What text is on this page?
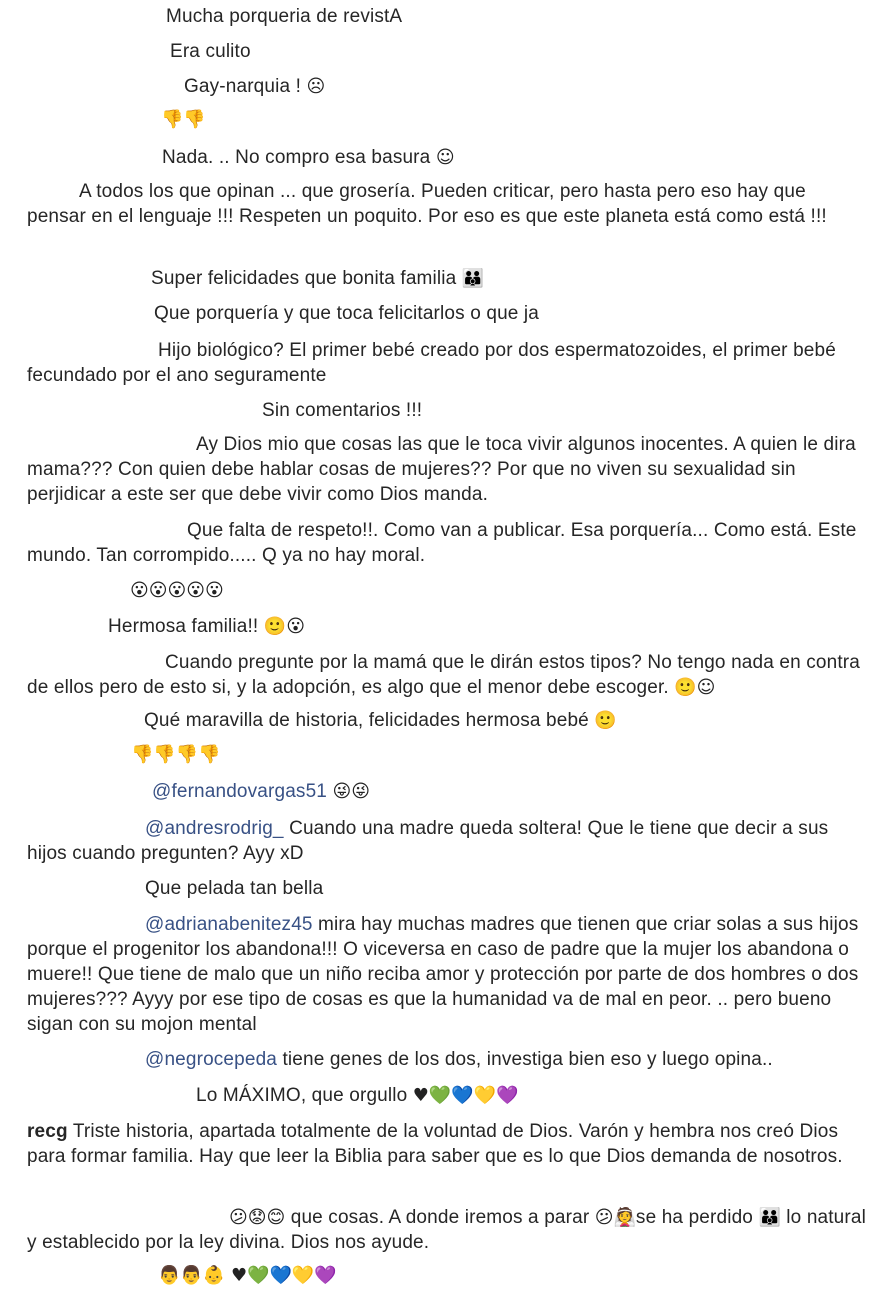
Mucha porqueria de revistA
Era culito
Gay-narquia ! ☹
👎👎
Nada. .. No compro esa basura ☺
A todos los que opinan ... que grosería. Pueden criticar, pero hasta pero eso hay que pensar en el lenguaje !!! Respeten un poquito. Por eso es que este planeta está como está !!!
Super felicidades que bonita familia 👪
Que porquería y que toca felicitarlos o que ja
Hijo biológico? El primer bebé creado por dos espermatozoides, el primer bebé fecundado por el ano seguramente
Sin comentarios !!!
Ay Dios mio que cosas las que le toca vivir algunos inocentes. A quien le dira mama??? Con quien debe hablar cosas de mujeres?? Por que no viven su sexualidad sin perjidicar a este ser que debe vivir como Dios manda.
Que falta de respeto!!. Como van a publicar. Esa porquería... Como está. Este mundo. Tan corrompido..... Q ya no hay moral.
😮😮😮😮😮
Hermosa familia!! 🙂😮
Cuando pregunte por la mamá que le dirán estos tipos? No tengo nada en contra de ellos pero de esto si, y la adopción, es algo que el menor debe escoger. 🙂☺
Qué maravilla de historia, felicidades hermosa bebé 🙂
👎👎👎👎
@fernandovargas51 😜😜
@andresrodrig_ Cuando una madre queda soltera! Que le tiene que decir a sus hijos cuando pregunten? Ayy xD
Que pelada tan bella
@adrianabenitez45 mira hay muchas madres que tienen que criar solas a sus hijos porque el progenitor los abandona!!! O viceversa en caso de padre que la mujer los abandona o muere!! Que tiene de malo que un niño reciba amor y protección por parte de dos hombres o dos mujeres??? Ayyy por ese tipo de cosas es que la humanidad va de mal en peor. .. pero bueno sigan con su mojon mental
@negrocepeda tiene genes de los dos, investiga bien eso y luego opina..
Lo MÁXIMO, que orgullo ♥💚💙💛💜
recg Triste historia, apartada totalmente de la voluntad de Dios. Varón y hembra nos creó Dios para formar familia. Hay que leer la Biblia para saber que es lo que Dios demanda de nosotros.
😕😟😊 que cosas. A donde iremos a parar 😕👰se ha perdido 👪 lo natural y establecido por la ley divina. Dios nos ayude.
👨👨👶 ♥💚💙💛💜
